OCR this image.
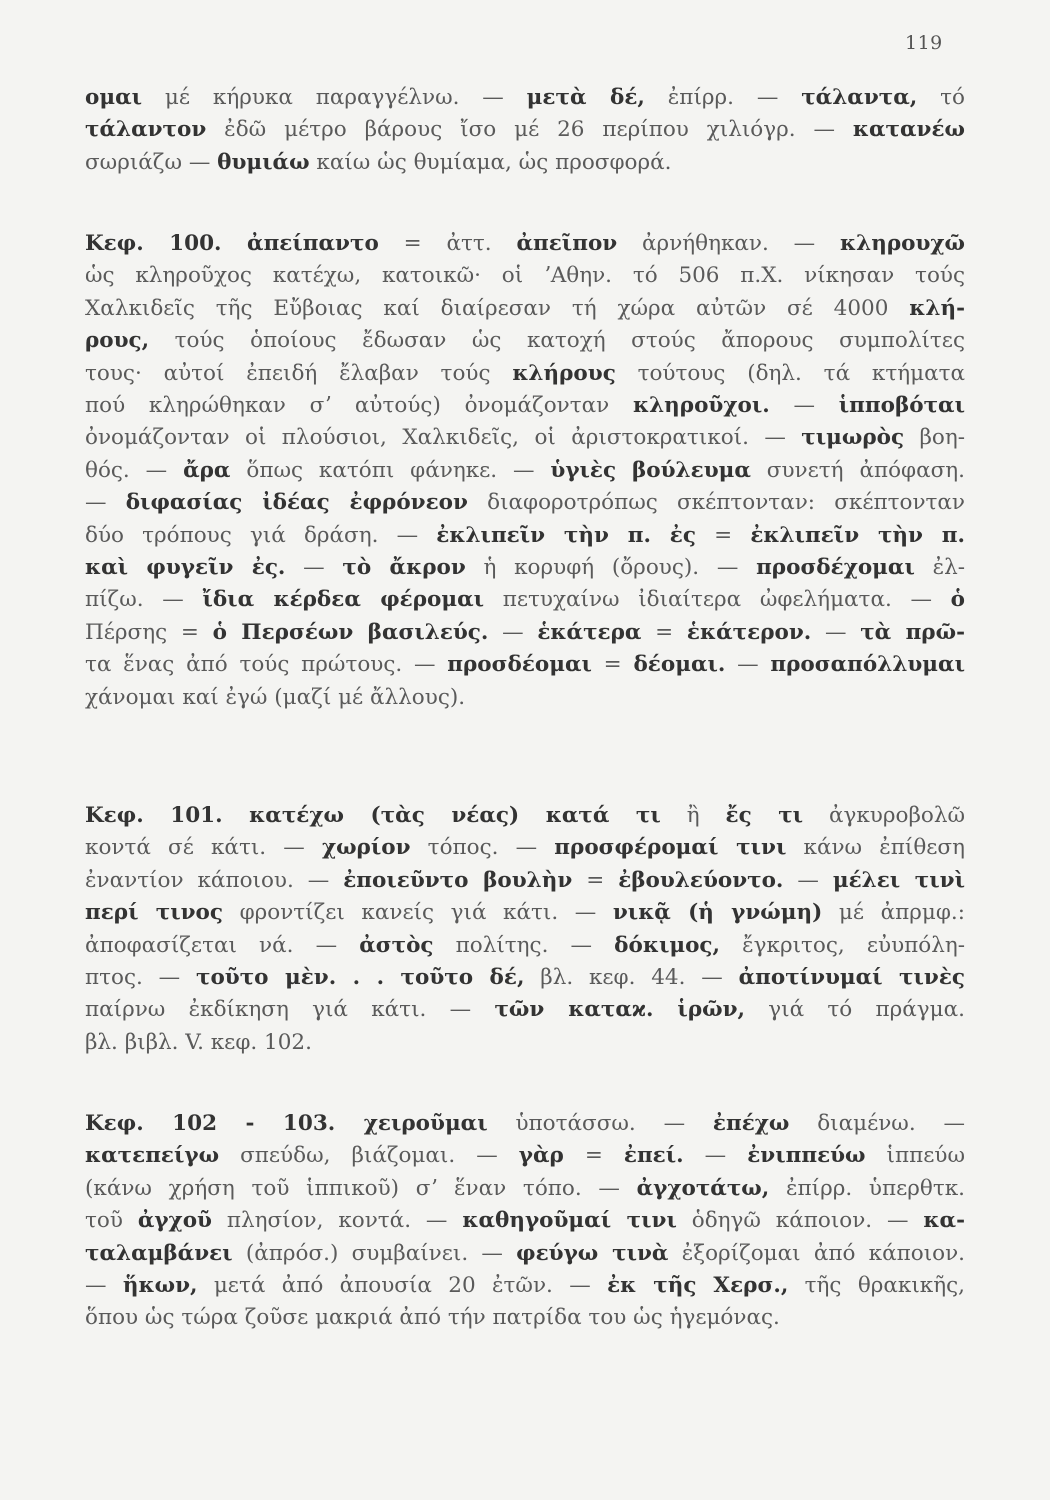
119
ομαι μέ κήρυκα παραγγέλνω. — μετὰ δέ, ἐπίρρ. — τάλαντα, τό
τάλαντον ἐδῶ μέτρο βάρους ἴσο μέ 26 περίπου χιλιόγρ. — κατανέω
σωριάζω — θυμιάω καίω ὡς θυμίαμα, ὡς προσφορά.
Κεφ. 100. ἀπείπαντο = ἀττ. ἀπεῖπον ἀρνήθηκαν. — κληρουχῶ
ὡς κληροῦχος κατέχω, κατοικῶ· οἱ ʼΑθην. τό 506 π.Χ. νίκησαν τούς
Χαλκιδεῖς τῆς Εὔβοιας καί διαίρεσαν τή χώρα αὐτῶν σέ 4000 κλή-
ρους, τούς ὁποίους ἔδωσαν ὡς κατοχή στούς ἄπορους συμπολίτες
τους· αὐτοί ἐπειδή ἔλαβαν τούς κλήρους τούτους (δηλ. τά κτήματα
πού κληρώθηκαν σʼ αὐτούς) ὀνομάζονταν κληροῦχοι. — ἱπποβόται
ὀνομάζονταν οἱ πλούσιοι, Χαλκιδεῖς, οἱ ἀριστοκρατικοί. — τιμωρὸς βοη-
θός. — ἄρα ὅπως κατόπι φάνηκε. — ὑγιὲς βούλευμα συνετή ἀπόφαση.
— διφασίας ἰδέας ἐφρόνεον διαφοροτρόπως σκέπτονταν: σκέπτονταν
δύο τρόπους γιά δράση. — ἐκλιπεῖν τὴν π. ἐς = ἐκλιπεῖν τὴν π.
καὶ φυγεῖν ἐς. — τὸ ἄκρον ἡ κορυφή (ὄρους). — προσδέχομαι ἐλ-
πίζω. — ἴδια κέρδεα φέρομαι πετυχαίνω ἰδιαίτερα ὠφελήματα. — ὁ
Πέρσης = ὁ Περσέων βασιλεύς. — ἑκάτερα = ἑκάτερον. — τὰ πρῶ-
τα ἕνας ἀπό τούς πρώτους. — προσδέομαι = δέομαι. — προσαπόλλυμαι
χάνομαι καί ἐγώ (μαζί μέ ἄλλους).
Κεφ. 101. κατέχω (τὰς νέας) κατά τι ἢ ἔς τι ἀγκυροβολῶ
κοντά σέ κάτι. — χωρίον τόπος. — προσφέρομαί τινι κάνω ἐπίθεση
ἐναντίον κάποιου. — ἐποιεῦντο βουλὴν = ἐβουλεύοντο. — μέλει τινὶ
περί τινος φροντίζει κανείς γιά κάτι. — νικᾷ (ἡ γνώμη) μέ ἀπρμφ.:
ἀποφασίζεται νά. — ἀστὸς πολίτης. — δόκιμος, ἔγκριτος, εὐυπόλη-
πτος. — τοῦτο μὲν. . . τοῦτο δέ, βλ. κεφ. 44. — ἀποτίνυμαί τινὲς
παίρνω ἐκδίκηση γιά κάτι. — τῶν καταϰ. ἱρῶν, γιά τό πράγμα.
βλ. βιβλ. V. κεφ. 102.
Κεφ. 102 - 103. χειροῦμαι ὑποτάσσω. — ἐπέχω διαμένω. —
κατεπείγω σπεύδω, βιάζομαι. — γὰρ = ἐπεί. — ἐνιππεύω ἱππεύω
(κάνω χρήση τοῦ ἱππικοῦ) σʼ ἕναν τόπο. — ἀγχοτάτω, ἐπίρρ. ὑπερθτκ.
τοῦ ἀγχοῦ πλησίον, κοντά. — καθηγοῦμαί τινι ὁδηγῶ κάποιον. — κα-
ταλαμβάνει (ἀπρόσ.) συμβαίνει. — φεύγω τινὰ ἐξορίζομαι ἀπό κάποιον.
— ἥκων, μετά ἀπό ἀπουσία 20 ἐτῶν. — ἐκ τῆς Χερσ., τῆς θρακικῆς,
ὅπου ὡς τώρα ζοῦσε μακριά ἀπό τήν πατρίδα του ὡς ἡγεμόνας.
